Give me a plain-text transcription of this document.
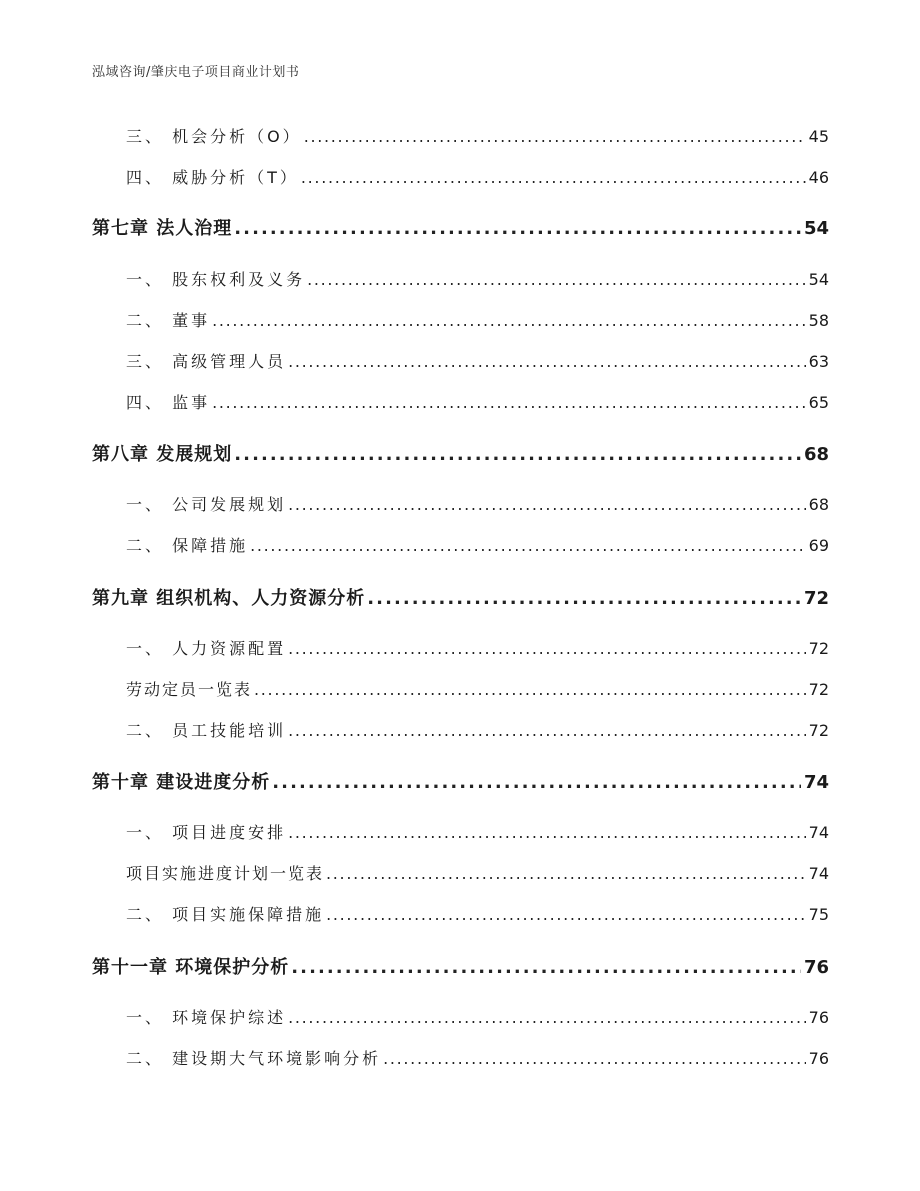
泓域咨询/肇庆电子项目商业计划书
三、 机会分析（O） . . .	45
四、 威胁分析（T） . . .	46
第七章 法人治理 . . .	54
一、 股东权利及义务 . . .	54
二、 董事 . . .	58
三、 高级管理人员 . . .	63
四、 监事 . . .	65
第八章 发展规划 . . .	68
一、 公司发展规划 . . .	68
二、 保障措施 . . .	69
第九章 组织机构、人力资源分析 . . .	72
一、 人力资源配置 . . .	72
劳动定员一览表 . . .	72
二、 员工技能培训 . . .	72
第十章 建设进度分析 . . .	74
一、 项目进度安排 . . .	74
项目实施进度计划一览表 . . .	74
二、 项目实施保障措施 . . .	75
第十一章 环境保护分析 . . .	76
一、 环境保护综述 . . .	76
二、 建设期大气环境影响分析 . . .	76
